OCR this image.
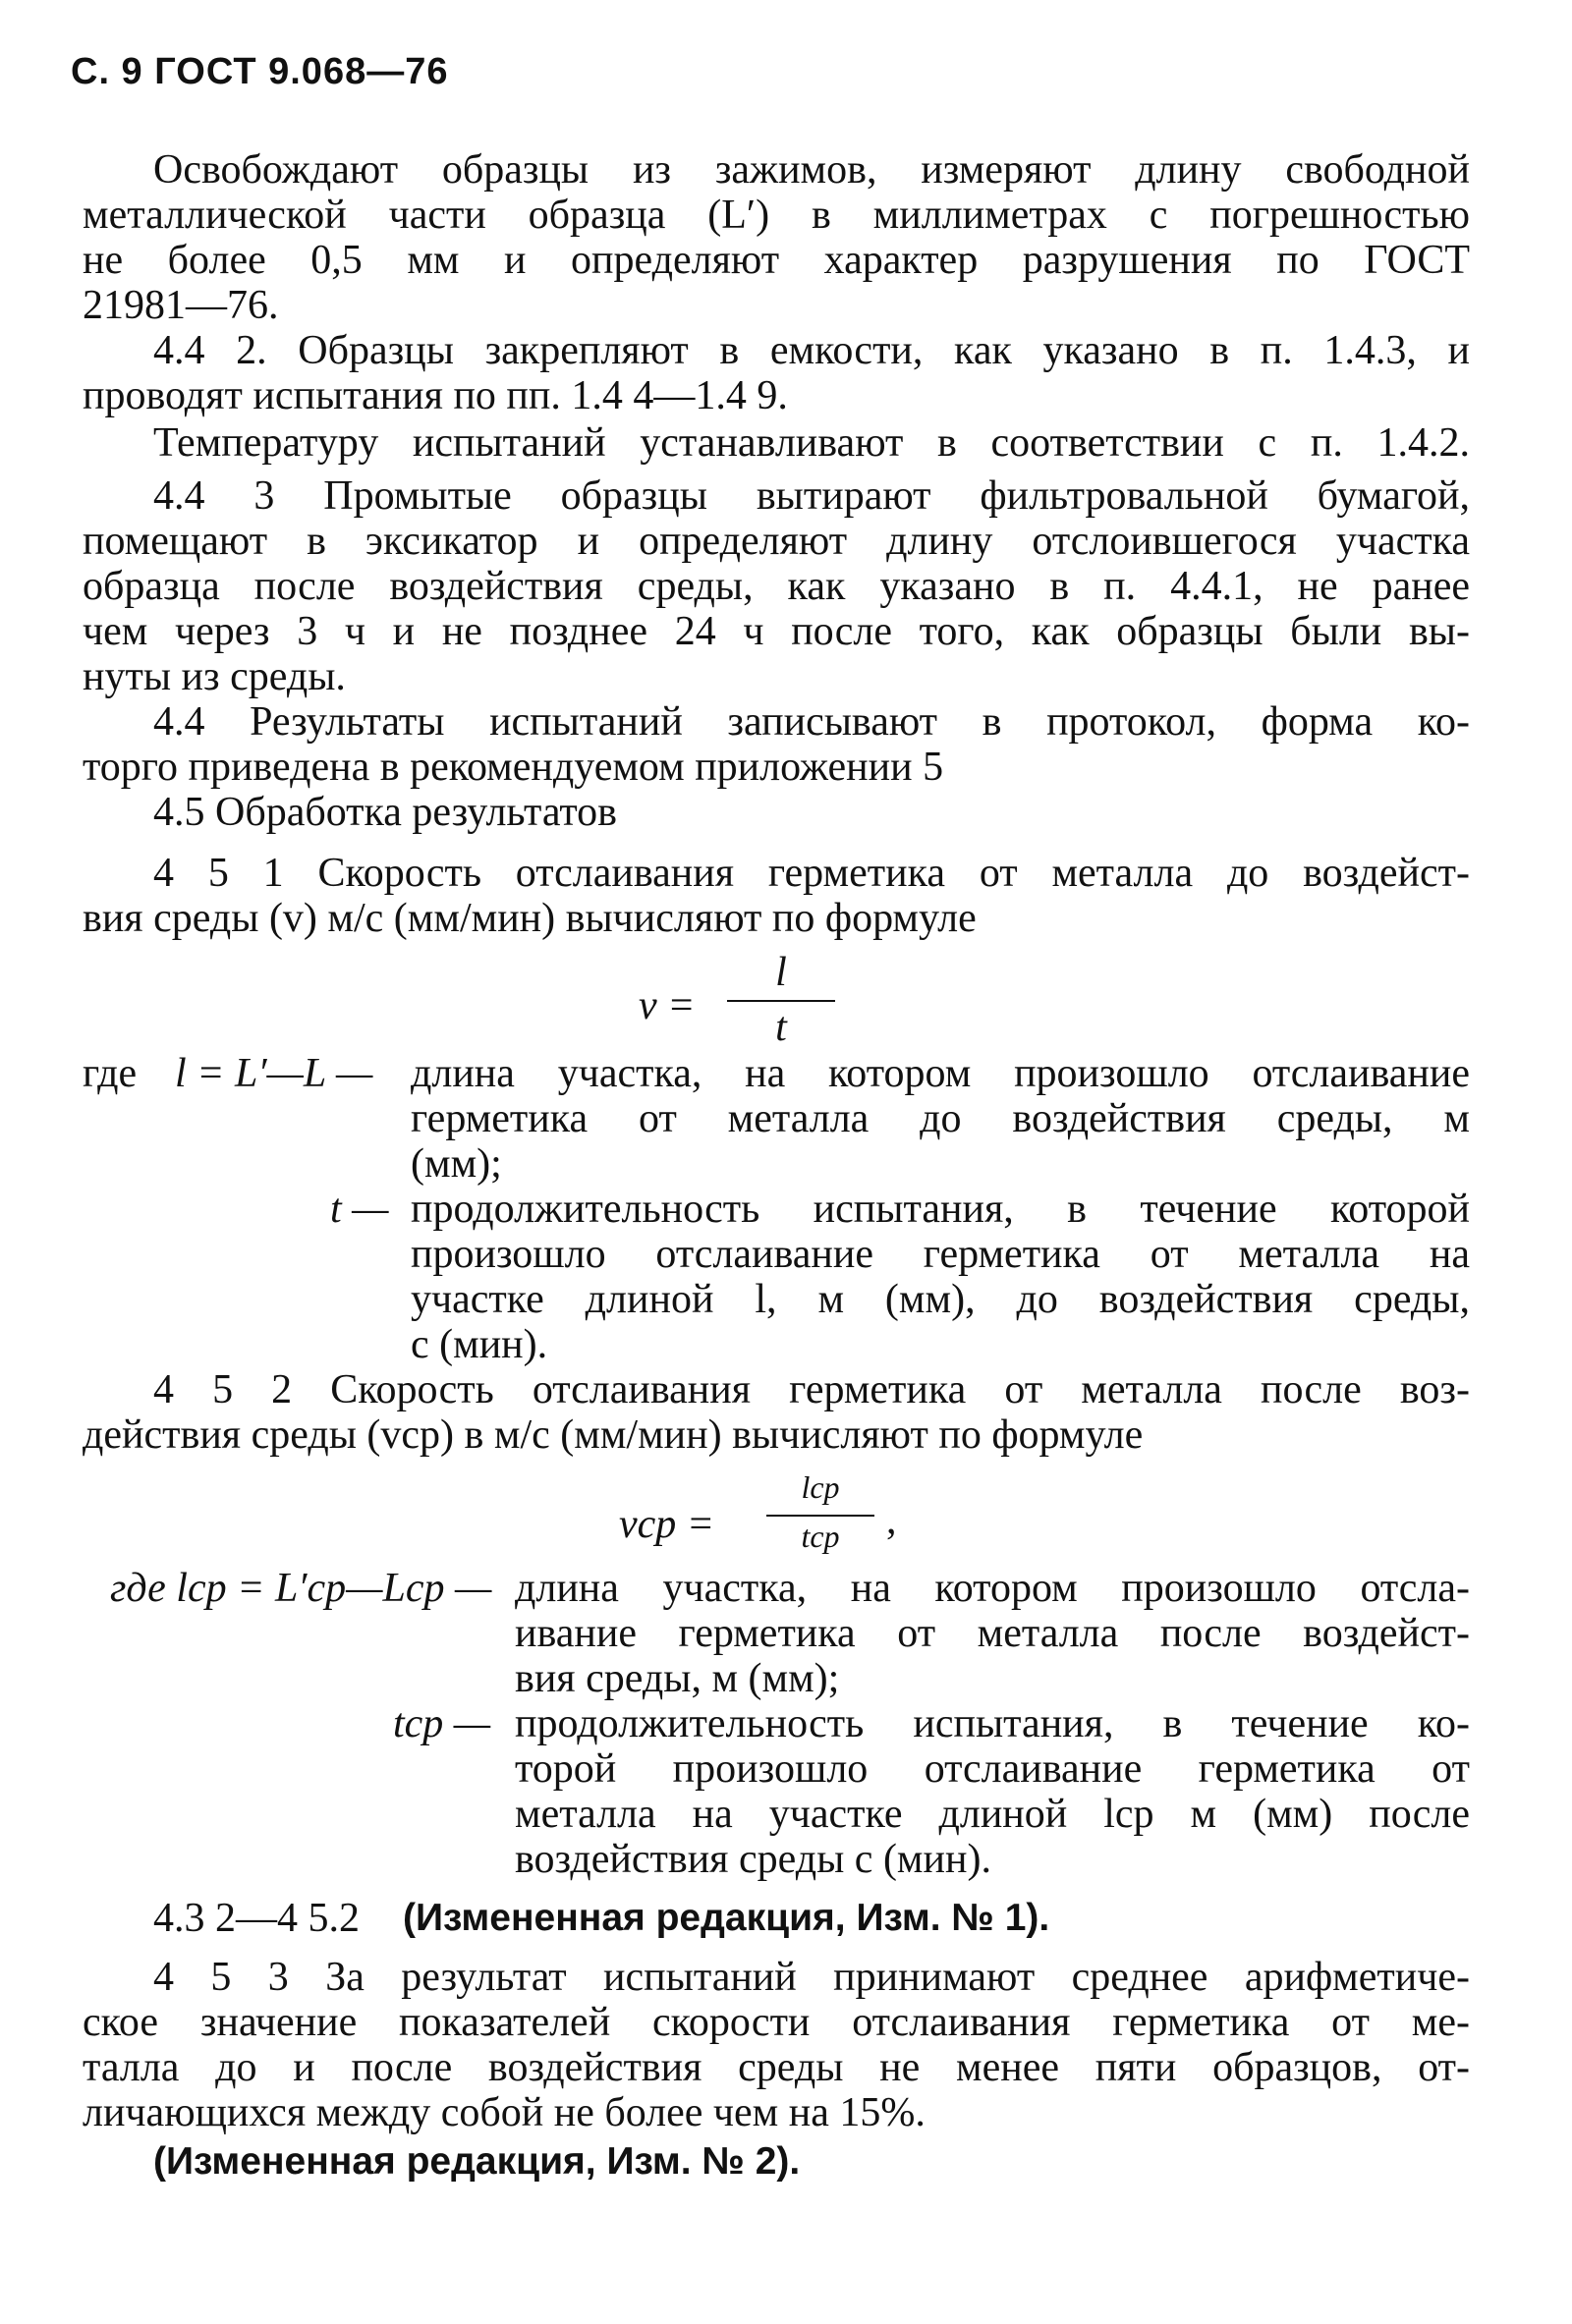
С. 9 ГОСТ 9.068—76
Освобождают образцы из зажимов, измеряют длину свободной
металлической части образца (L′) в миллиметрах с погрешностью
не более 0,5 мм и определяют характер разрушения по ГОСТ
21981—76.
4.4 2. Образцы закрепляют в емкости, как указано в п. 1.4.3, и
проводят испытания по пп. 1.4 4—1.4 9.
Температуру испытаний устанавливают в соответствии с п. 1.4.2.
4.4 3 Промытые образцы вытирают фильтровальной бумагой,
помещают в эксикатор и определяют длину отслоившегося участка
образца после воздействия среды, как указано в п. 4.4.1, не ранее
чем через 3 ч и не позднее 24 ч после того, как образцы были вы-
нуты из среды.
4.4 Результаты испытаний записывают в протокол, форма ко-
торго приведена в рекомендуемом приложении 5
4.5 Обработка результатов
4 5 1 Скорость отслаивания герметика от металла до воздейст-
вия среды (v) м/с (мм/мин) вычисляют по формуле
v =
l
t
где l = L′—L — длина участка, на котором произошло отслаивание
герметика от металла до воздействия среды, м
(мм);
t — продолжительность испытания, в течение которой
произошло отслаивание герметика от металла на
участке длиной l, м (мм), до воздействия среды,
с (мин).
4 5 2 Скорость отслаивания герметика от металла после воз-
действия среды (vср) в м/с (мм/мин) вычисляют по формуле
vср =
lср
tср	,
где lср = L′ср—Lср — длина участка, на котором произошло отсла-
ивание герметика от металла после воздейст-
вия среды, м (мм);
tср — продолжительность испытания, в течение ко-
торой произошло отслаивание герметика от
металла на участке длиной lср м (мм) после
воздействия среды с (мин).
4.3 2—4 5.2 (Измененная редакция, Изм. № 1).
4 5 3 За результат испытаний принимают среднее арифметиче-
ское значение показателей скорости отслаивания герметика от ме-
талла до и после воздействия среды не менее пяти образцов, от-
личающихся между собой не более чем на 15%.
(Измененная редакция, Изм. № 2).
